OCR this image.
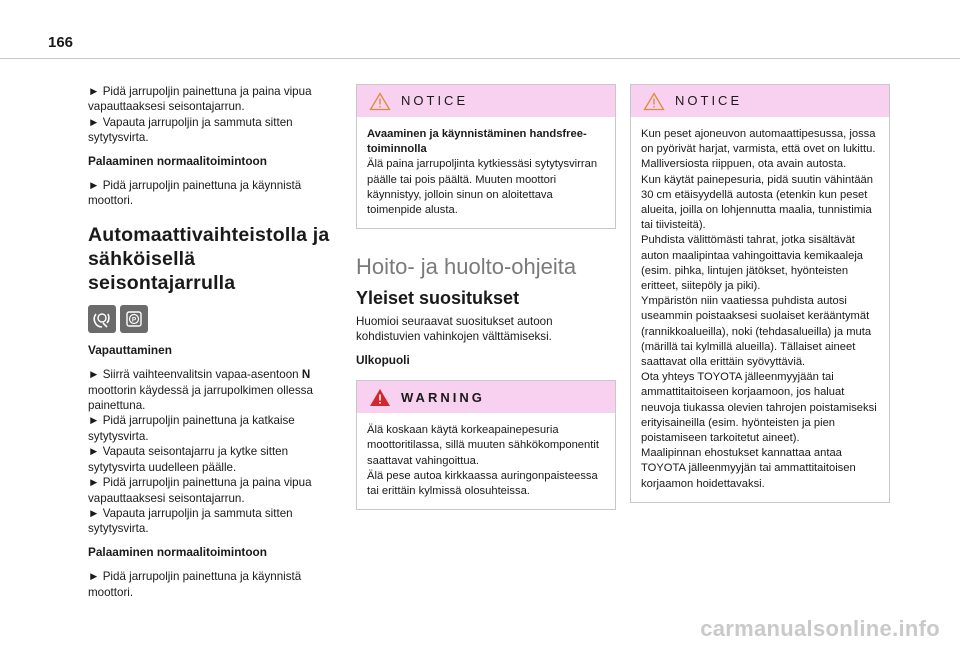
166

► Pidä jarrupoljin painettuna ja paina vipua vapauttaaksesi seisontajarrun.
► Vapauta jarrupoljin ja sammuta sitten sytytysvirta.

Palaaminen normaalitoimintoon

► Pidä jarrupoljin painettuna ja käynnistä moottori.

Automaattivaihteistolla ja sähköisellä seisontajarrulla
P
Vapauttaminen

► Siirrä vaihteenvalitsin vapaa-asentoon N moottorin käydessä ja jarrupolkimen ollessa painettuna.
► Pidä jarrupoljin painettuna ja katkaise sytytysvirta.
► Vapauta seisontajarru ja kytke sitten sytytysvirta uudelleen päälle.
► Pidä jarrupoljin painettuna ja paina vipua vapauttaaksesi seisontajarrun.
► Vapauta jarrupoljin ja sammuta sitten sytytysvirta.

Palaaminen normaalitoimintoon

► Pidä jarrupoljin painettuna ja käynnistä moottori.

NOTICE

Avaaminen ja käynnistäminen handsfree-toiminnolla

Älä paina jarrupoljinta kytkiessäsi sytytysvirran päälle tai pois päältä. Muuten moottori käynnistyy, jolloin sinun on aloitettava toimenpide alusta.

Hoito- ja huolto-ohjeita
Yleiset suositukset

Huomioi seuraavat suositukset autoon kohdistuvien vahinkojen välttämiseksi.

Ulkopuoli
WARNING

Älä koskaan käytä korkeapainepesuria moottoritilassa, sillä muuten sähkökomponentit saattavat vahingoittua.

Älä pese autoa kirkkaassa auringonpaisteessa tai erittäin kylmissä olosuhteissa.

NOTICE

Kun peset ajoneuvon automaattipesussa, jossa on pyörivät harjat, varmista, että ovet on lukittu. Malliversiosta riippuen, ota avain autosta.

Kun käytät painepesuria, pidä suutin vähintään 30 cm etäisyydellä autosta (etenkin kun peset alueita, joilla on lohjennutta maalia, tunnistimia tai tiivisteitä).

Puhdista välittömästi tahrat, jotka sisältävät auton maalipintaa vahingoittavia kemikaaleja (esim. pihka, lintujen jätökset, hyönteisten eritteet, siitepöly ja piki).

Ympäristön niin vaatiessa puhdista autosi useammin poistaaksesi suolaiset kerääntymät (rannikkoalueilla), noki (tehdasalueilla) ja muta (märillä tai kylmillä alueilla). Tällaiset aineet saattavat olla erittäin syövyttäviä.

Ota yhteys TOYOTA jälleenmyyjään tai ammattitaitoiseen korjaamoon, jos haluat neuvoja tiukassa olevien tahrojen poistamiseksi erityisaineilla (esim. hyönteisten ja pien poistamiseen tarkoitetut aineet).

Maalipinnan ehostukset kannattaa antaa TOYOTA jälleenmyyjän tai ammattitaitoisen korjaamon hoidettavaksi.

carmanualsonline.info
